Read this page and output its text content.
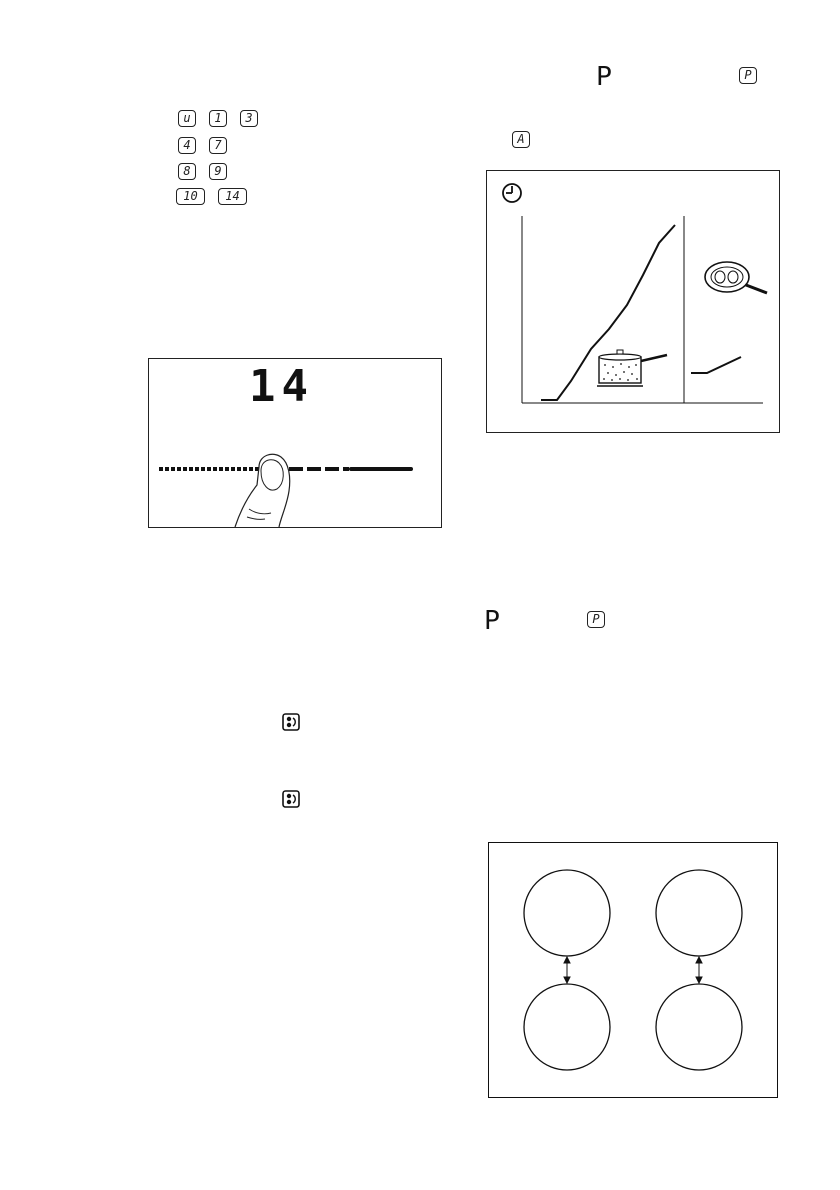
u	1	3
4	7
8	9
10	14
14
P	P
A
P	P
